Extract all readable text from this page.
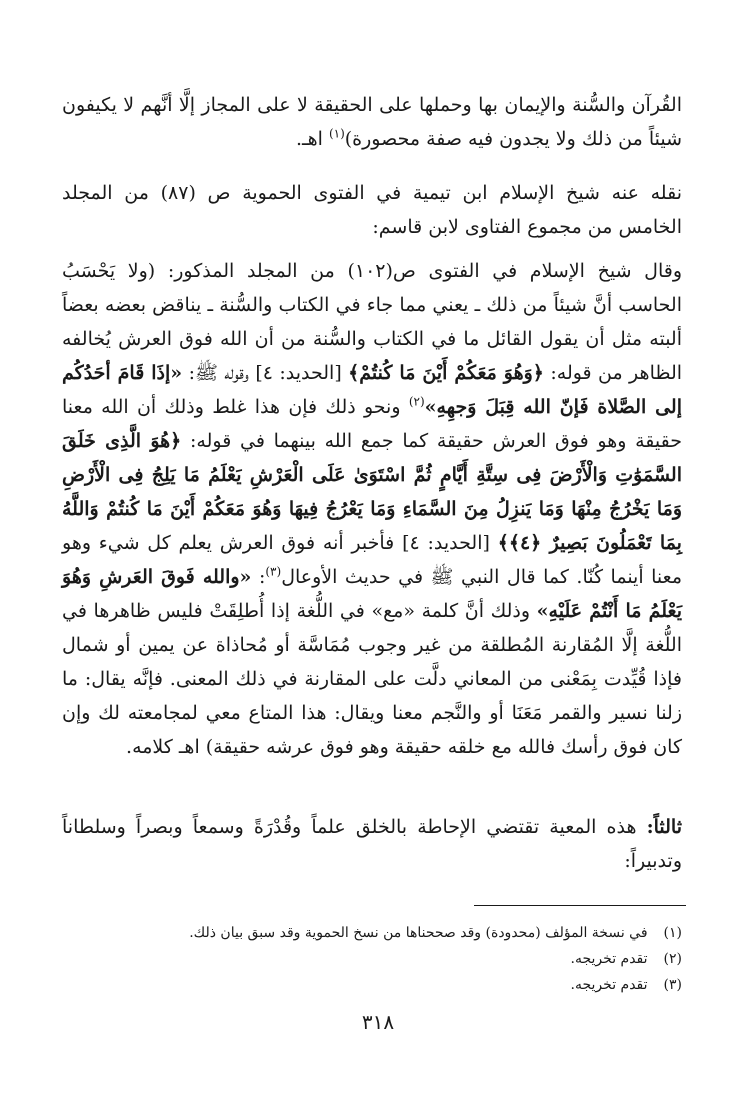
القُرآن والسُّنة والإيمان بها وحملها على الحقيقة لا على المجاز إلَّا أنَّهم لا يكيفون شيئاً من ذلك ولا يجدون فيه صفة محصورة)$^{(١)}$ اهـ.

نقله عنه شيخ الإسلام ابن تيمية في الفتوى الحموية ص (٨٧) من المجلد الخامس من مجموع الفتاوى لابن قاسم:

وقال شيخ الإسلام في الفتوى ص(١٠٢) من المجلد المذكور: (ولا يَحْسَبُ الحاسب أنَّ شيئاً من ذلك ـ يعني مما جاء في الكتاب والسُّنة ـ يناقض بعضه بعضاً ألبته مثل أن يقول القائل ما في الكتاب والسُّنة من أن الله فوق العرش يُخالفه الظاهر من قوله: ﴿وَهُوَ مَعَكُمْ أَيْنَ مَا كُنتُمْ﴾ [الحديد: ٤] وقوله ﷺ: «إذَا قَامَ أحَدُكُم إلى الصَّلاة فَإنّ الله قِبَلَ وَجهِهِ»$^{(٢)}$ ونحو ذلك فإن هذا غلط وذلك أن الله معنا حقيقة وهو فوق العرش حقيقة كما جمع الله بينهما في قوله: ﴿هُوَ الَّذِى خَلَقَ السَّمَوَٰتِ وَالْأَرْضَ فِى سِتَّةِ أَيَّامٍ ثُمَّ اسْتَوَىٰ عَلَى الْعَرْشِ يَعْلَمُ مَا يَلِجُ فِى الْأَرْضِ وَمَا يَخْرُجُ مِنْهَا وَمَا يَنزِلُ مِنَ السَّمَاءِ وَمَا يَعْرُجُ فِيهَا وَهُوَ مَعَكُمْ أَيْنَ مَا كُنتُمْ وَاللَّهُ بِمَا تَعْمَلُونَ بَصِيرٌ ﴿٤﴾﴾ [الحديد: ٤] فأخبر أنه فوق العرش يعلم كل شيء وهو معنا أينما كُنّا. كما قال النبي ﷺ في حديث الأوعال$^{(٣)}$: «والله فَوقَ العَرشِ وَهُوَ يَعْلَمُ مَا أَنْتُمْ عَلَيْهِ» وذلك أنَّ كلمة «مع» في اللُّغة إذا أُطلِقَتْ فليس ظاهرها في اللُّغة إلَّا المُقارنة المُطلقة من غير وجوب مُمَاسَّة أو مُحاذاة عن يمين أو شمال فإذا قُيِّدت بِمَعْنى من المعاني دلَّت على المقارنة في ذلك المعنى. فإنَّه يقال: ما زلنا نسير والقمر مَعَنَا أو والنَّجم معنا ويقال: هذا المتاع معي لمجامعته لك وإن كان فوق رأسك فالله مع خلقه حقيقة وهو فوق عرشه حقيقة) اهـ كلامه.

ثالثاً: هذه المعية تقتضي الإحاطة بالخلق علماً وقُدْرَةً وسمعاً وبصراً وسلطاناً وتدبيراً:

(١) في نسخة المؤلف (محدودة) وقد صححناها من نسخ الحموية وقد سبق بيان ذلك.

(٢) تقدم تخريجه.

(٣) تقدم تخريجه.

٣١٨
